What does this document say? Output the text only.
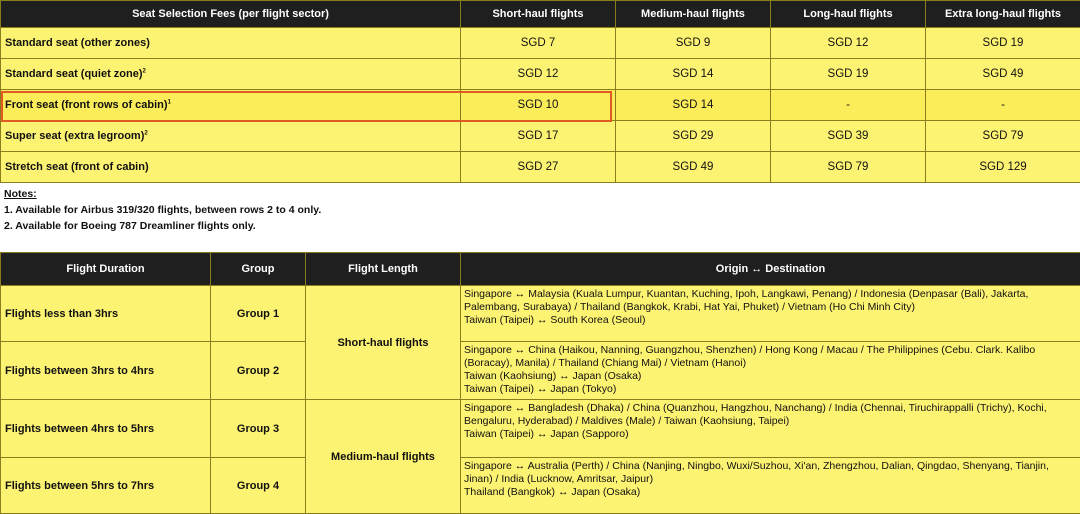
Seat Selection Fees (per flight sector)	Short-haul flights	Medium-haul flights	Long-haul flights	Extra long-haul flights
Standard seat (other zones)	SGD 7	SGD 9	SGD 12	SGD 19
Standard seat (quiet zone)$^2$	SGD 12	SGD 14	SGD 19	SGD 49
Front seat (front rows of cabin)$^1$	SGD 10	SGD 14	-	-
Super seat (extra legroom)$^2$	SGD 17	SGD 29	SGD 39	SGD 79
Stretch seat (front of cabin)	SGD 27	SGD 49	SGD 79	SGD 129
Notes:
1. Available for Airbus 319/320 flights, between rows 2 to 4 only.
2. Available for Boeing 787 Dreamliner flights only.
Flight Duration	Group	Flight Length	Origin ↔ Destination
Flights less than 3hrs	Group 1	Short-haul flights	Singapore ↔ Malaysia (Kuala Lumpur, Kuantan, Kuching, Ipoh, Langkawi, Penang) / Indonesia (Denpasar (Bali), Jakarta, Palembang, Surabaya) / Thailand (Bangkok, Krabi, Hat Yai, Phuket) / Vietnam (Ho Chi Minh City)
Taiwan (Taipei) ↔ South Korea (Seoul)

Flights between 3hrs to 4hrs	Group 2		Singapore ↔ China (Haikou, Nanning, Guangzhou, Shenzhen) / Hong Kong / Macau / The Philippines (Cebu. Clark. Kalibo (Boracay), Manila) / Thailand (Chiang Mai) / Vietnam (Hanoi)
Taiwan (Kaohsiung) ↔ Japan (Osaka)
Taiwan (Taipei) ↔ Japan (Tokyo)

Flights between 4hrs to 5hrs	Group 3	Medium-haul flights	Singapore ↔ Bangladesh (Dhaka) / China (Quanzhou, Hangzhou, Nanchang) / India (Chennai, Tiruchirappalli (Trichy), Kochi, Bengaluru, Hyderabad) / Maldives (Male) / Taiwan (Kaohsiung, Taipei)
Taiwan (Taipei) ↔ Japan (Sapporo)

Flights between 5hrs to 7hrs	Group 4		Singapore ↔ Australia (Perth) / China (Nanjing, Ningbo, Wuxi/Suzhou, Xi'an, Zhengzhou, Dalian, Qingdao, Shenyang, Tianjin, Jinan) / India (Lucknow, Amritsar, Jaipur)
Thailand (Bangkok) ↔ Japan (Osaka)
